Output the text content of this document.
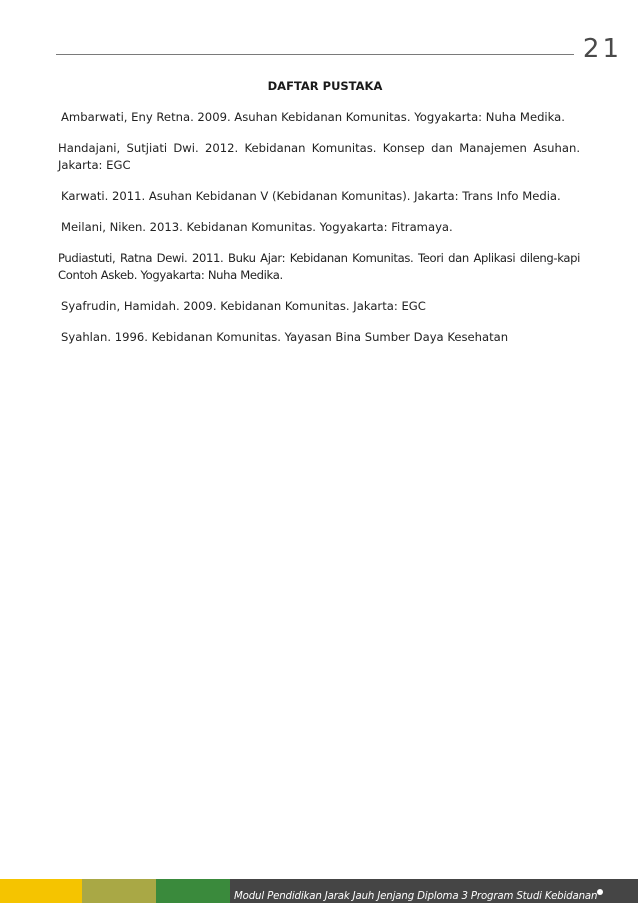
21
DAFTAR PUSTAKA
Ambarwati, Eny Retna. 2009. Asuhan Kebidanan Komunitas. Yogyakarta: Nuha Medika.
Handajani, Sutjiati Dwi. 2012. Kebidanan Komunitas. Konsep dan Manajemen Asuhan. Jakarta: EGC
Karwati. 2011. Asuhan Kebidanan V (Kebidanan Komunitas). Jakarta: Trans Info Media.
Meilani, Niken. 2013. Kebidanan Komunitas. Yogyakarta: Fitramaya.
Pudiastuti, Ratna Dewi. 2011. Buku Ajar: Kebidanan Komunitas. Teori dan Aplikasi dileng-kapi Contoh Askeb. Yogyakarta: Nuha Medika.
Syafrudin, Hamidah. 2009. Kebidanan Komunitas. Jakarta: EGC
Syahlan. 1996. Kebidanan Komunitas. Yayasan Bina Sumber Daya Kesehatan
Modul Pendidikan Jarak Jauh Jenjang Diploma 3 Program Studi Kebidanan
